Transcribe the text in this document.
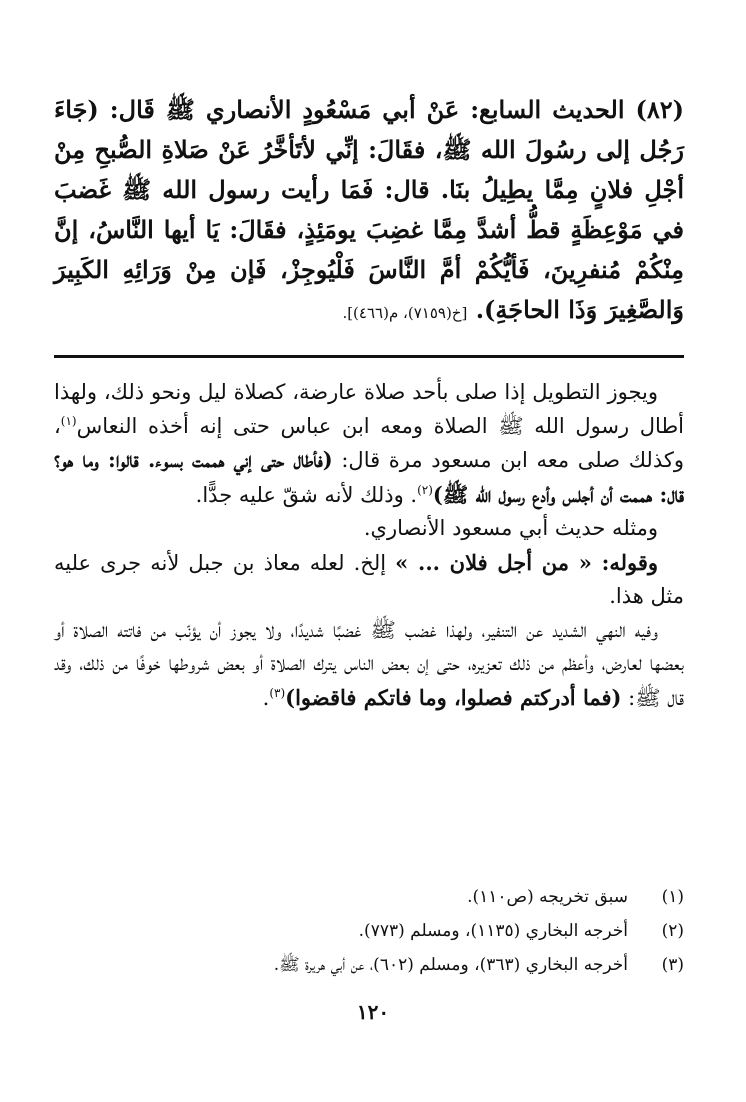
(٨٢) الحديث السابع: عَنْ أبي مَسْعُودٍ الأنصاري ﷺ قَال: (جَاءَ رَجُل إلى رسُولَ الله ﷺ، فقَالَ: إنِّي لأتَأخَّرُ عَنْ صَلاةِ الصُّبحِ مِنْ أجْلِ فلانٍ مِمَّا يطِيلُ بنَا. قال: فَمَا رأيت رسول الله ﷺ غَضبَ في مَوْعِظَةٍ قطُّ أشدَّ مِمَّا غضِبَ يومَئِذٍ، فقَالَ: يَا أيها النَّاسُ، إنَّ مِنْكُمْ مُنفرِينَ، فَأيُّكُمْ أمَّ النَّاسَ فَلْيُوجِزْ، فَإن مِنْ وَرَائِهِ الكَبِيرَ وَالصَّغِيرَ وَذَا الحاجَةِ). [خ(٧١٥٩)، م(٤٦٦)].

ويجوز التطويل إذا صلى بأحد صلاة عارضة، كصلاة ليل ونحو ذلك، ولهذا أطال رسول الله ﷺ الصلاة ومعه ابن عباس حتى إنه أخذه النعاس$^{(١)}$، وكذلك صلى معه ابن مسعود مرة قال: (فأطال حتى إني هممت بسوء. قالوا: وما هو؟ قال: هممت أن أجلس وأدع رسول الله ﷺ)$^{(٢)}$. وذلك لأنه شقّ عليه جدًّا.

ومثله حديث أبي مسعود الأنصاري.

وقوله: « من أجل فلان ... » إلخ. لعله معاذ بن جبل لأنه جرى عليه مثل هذا.

وفيه النهي الشديد عن التنفير، ولهذا غضب ﷺ غضبًا شديدًا، ولا يجوز أن يؤنّب من فاتته الصلاة أو بعضها لعارض، وأعظم من ذلك تعزيره، حتى إن بعض الناس يترك الصلاة أو بعض شروطها خوفًا من ذلك، وقد قال ﷺ: (فما أدركتم فصلوا، وما فاتكم فاقضوا)$^{(٣)}$.

(١)
سبق تخريجه (ص١١٠).
(٢)
أخرجه البخاري (١١٣٥)، ومسلم (٧٧٣).
(٣)
أخرجه البخاري (٣٦٣)، ومسلم (٦٠٢)، عن أبي هريرة ﷺ.
١٢٠
